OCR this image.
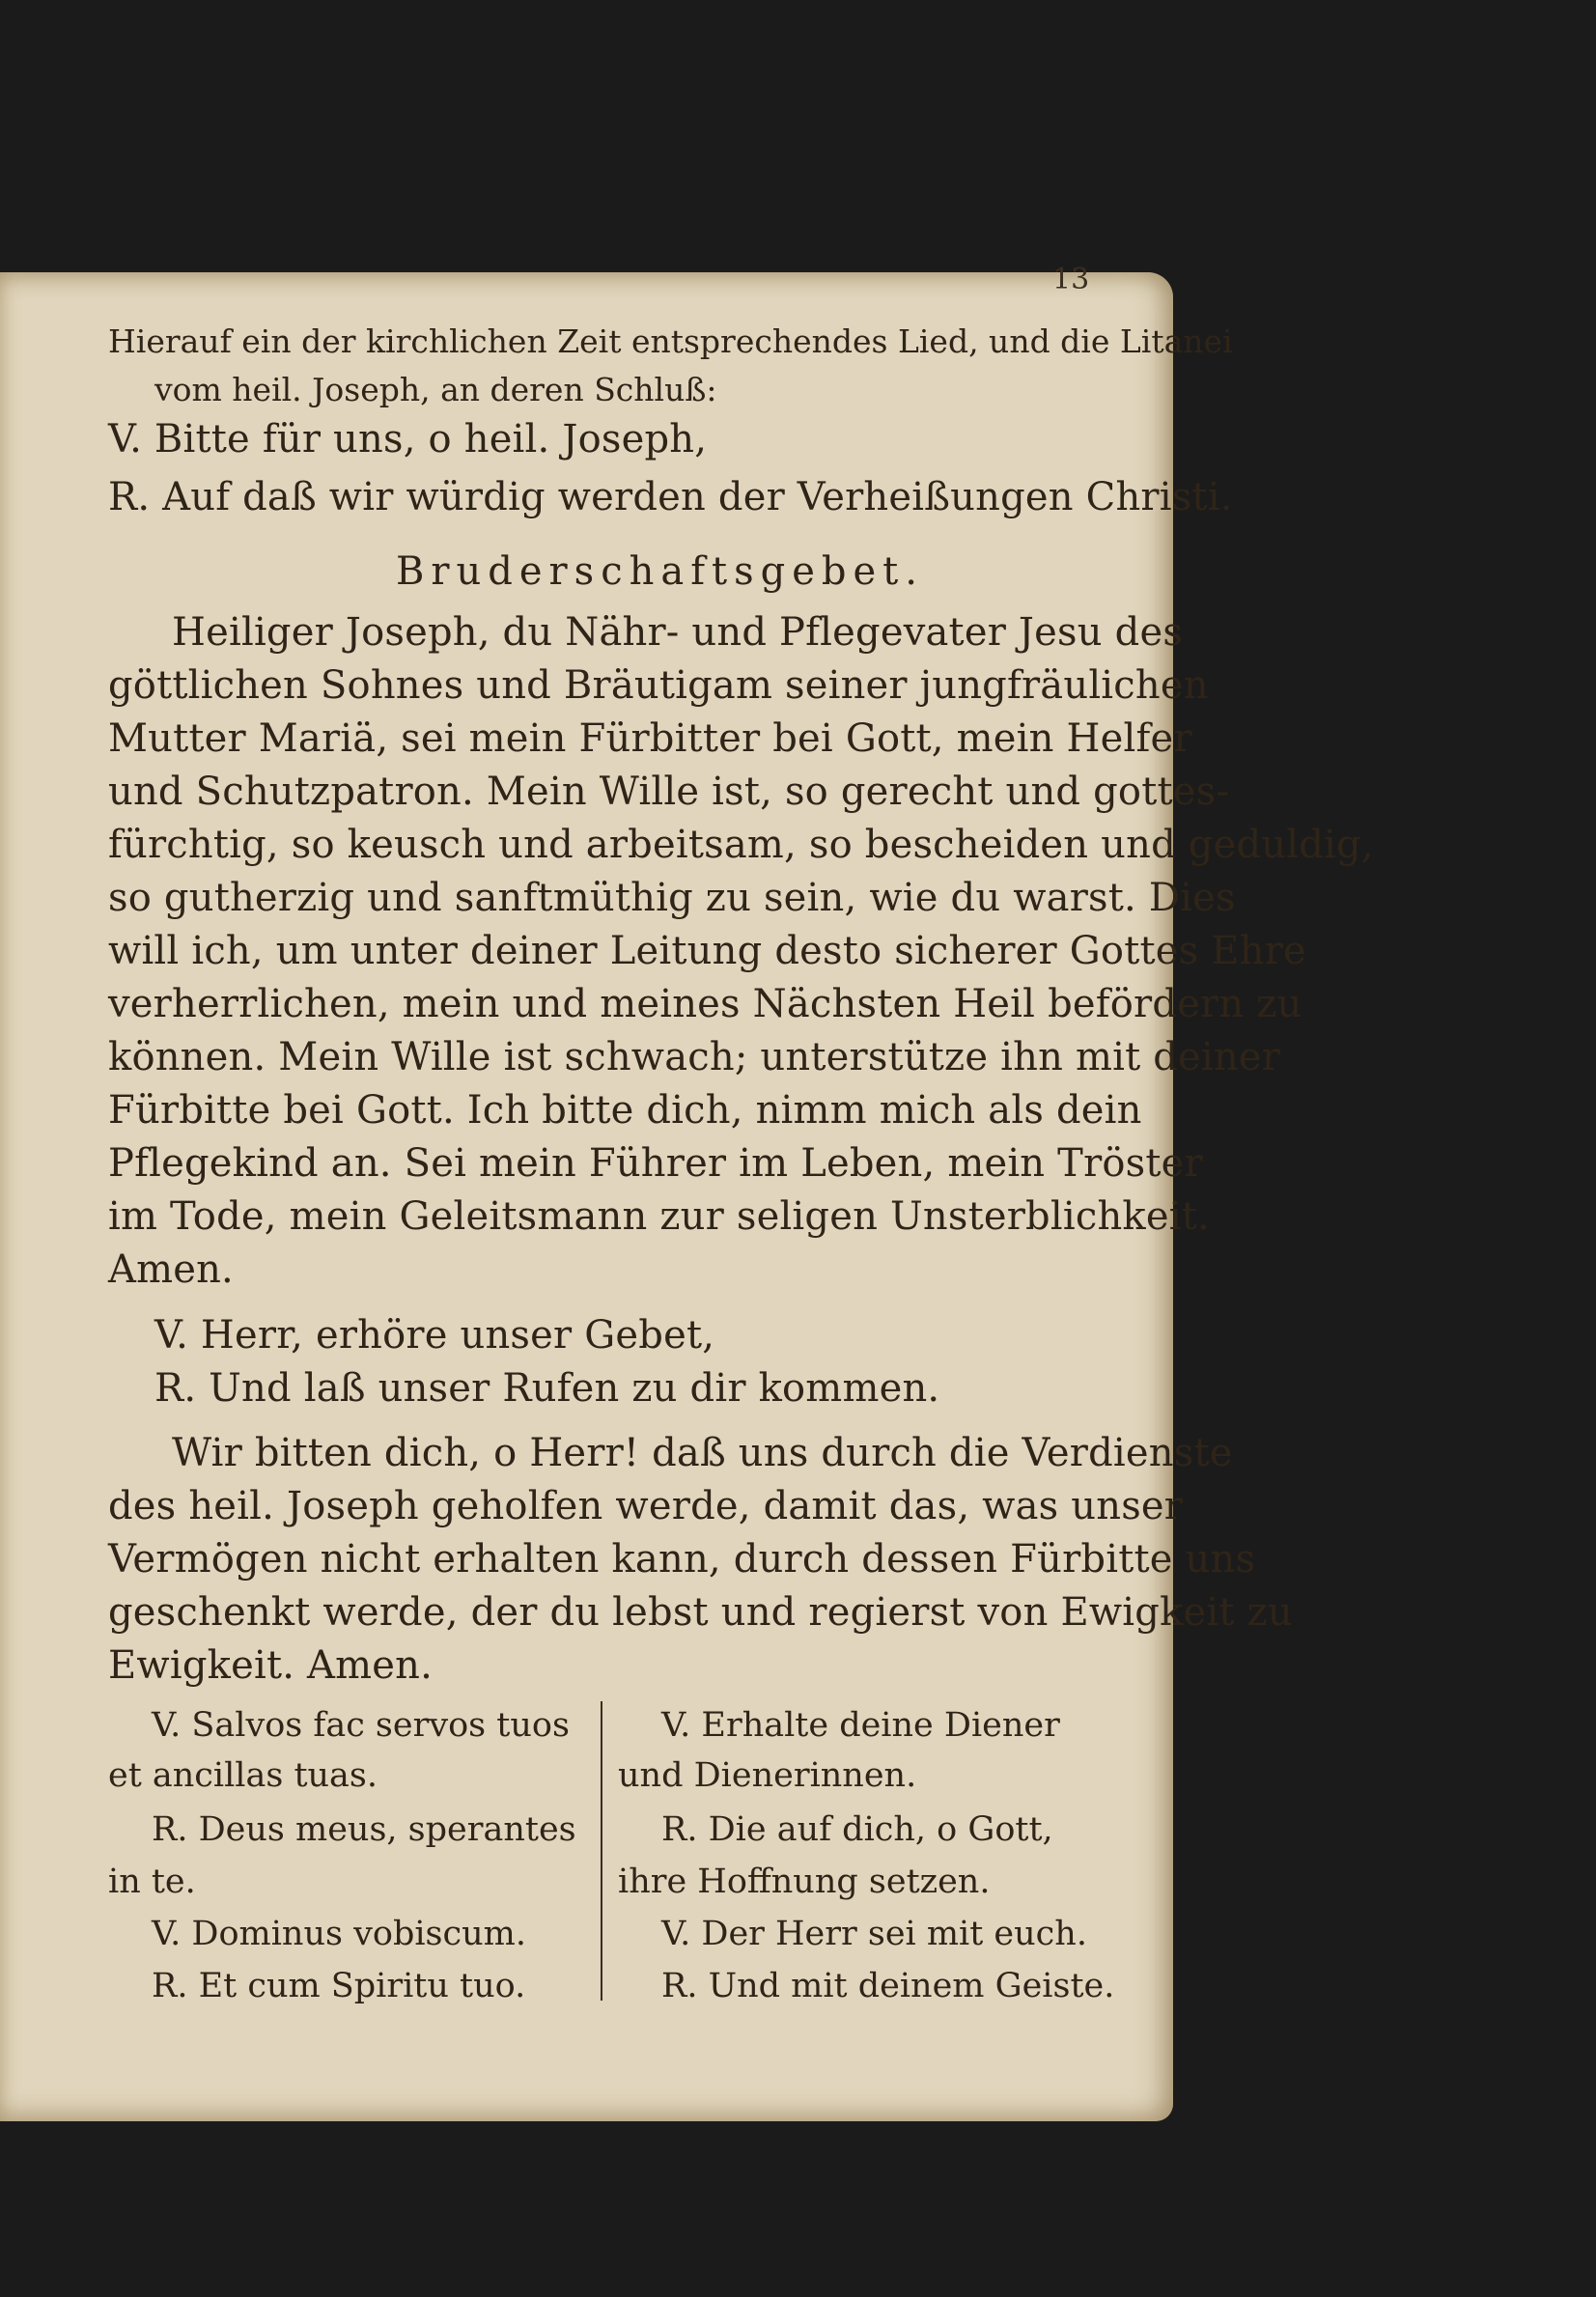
13
Hierauf ein der kirchlichen Zeit entsprechendes Lied, und die Litanei
vom heil. Joseph, an deren Schluß:
V. Bitte für uns, o heil. Joseph,
R. Auf daß wir würdig werden der Verheißungen Christi.
Bruderschaftsgebet.
Heiliger Joseph, du Nähr- und Pflegevater Jesu des
göttlichen Sohnes und Bräutigam seiner jungfräulichen
Mutter Mariä, sei mein Fürbitter bei Gott, mein Helfer
und Schutzpatron. Mein Wille ist, so gerecht und gottes-
fürchtig, so keusch und arbeitsam, so bescheiden und geduldig,
so gutherzig und sanftmüthig zu sein, wie du warst. Dies
will ich, um unter deiner Leitung desto sicherer Gottes Ehre
verherrlichen, mein und meines Nächsten Heil befördern zu
können. Mein Wille ist schwach; unterstütze ihn mit deiner
Fürbitte bei Gott. Ich bitte dich, nimm mich als dein
Pflegekind an. Sei mein Führer im Leben, mein Tröster
im Tode, mein Geleitsmann zur seligen Unsterblichkeit.
Amen.
V. Herr, erhöre unser Gebet,
R. Und laß unser Rufen zu dir kommen.
Wir bitten dich, o Herr! daß uns durch die Verdienste
des heil. Joseph geholfen werde, damit das, was unser
Vermögen nicht erhalten kann, durch dessen Fürbitte uns
geschenkt werde, der du lebst und regierst von Ewigkeit zu
Ewigkeit. Amen.
V. Salvos fac servos tuos
et ancillas tuas.
R. Deus meus, sperantes
in te.
V. Dominus vobiscum.
R. Et cum Spiritu tuo.
V. Erhalte deine Diener
und Dienerinnen.
R. Die auf dich, o Gott,
ihre Hoffnung setzen.
V. Der Herr sei mit euch.
R. Und mit deinem Geiste.
